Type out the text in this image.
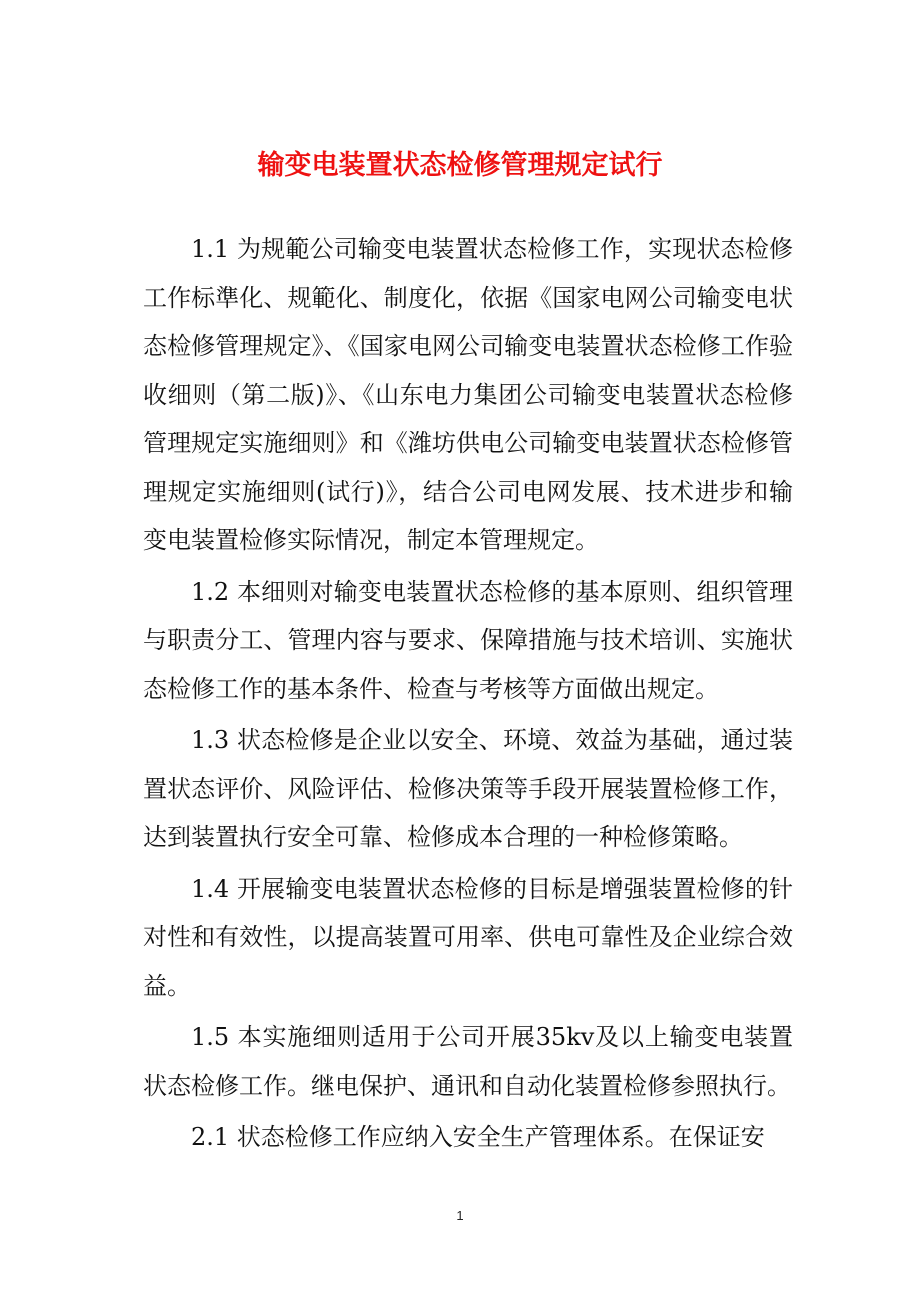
输变电装置状态检修管理规定试行

1.1 为规範公司输变电装置状态检修工作，实现状态检修工作标準化、规範化、制度化，依据《国家电网公司输变电状态检修管理规定》、《国家电网公司输变电装置状态检修工作验收细则（第二版)》、《山东电力集团公司输变电装置状态检修管理规定实施细则》和《潍坊供电公司输变电装置状态检修管理规定实施细则(试行)》，结合公司电网发展、技术进步和输变电装置检修实际情况，制定本管理规定。

1.2 本细则对输变电装置状态检修的基本原则、组织管理与职责分工、管理内容与要求、保障措施与技术培训、实施状态检修工作的基本条件、检查与考核等方面做出规定。

1.3 状态检修是企业以安全、环境、效益为基础，通过装置状态评价、风险评估、检修决策等手段开展装置检修工作，达到装置执行安全可靠、检修成本合理的一种检修策略。

1.4 开展输变电装置状态检修的目标是增强装置检修的针对性和有效性，以提高装置可用率、供电可靠性及企业综合效益。

1.5 本实施细则适用于公司开展35kv及以上输变电装置状态检修工作。继电保护、通讯和自动化装置检修参照执行。

2.1 状态检修工作应纳入安全生产管理体系。在保证安

1
